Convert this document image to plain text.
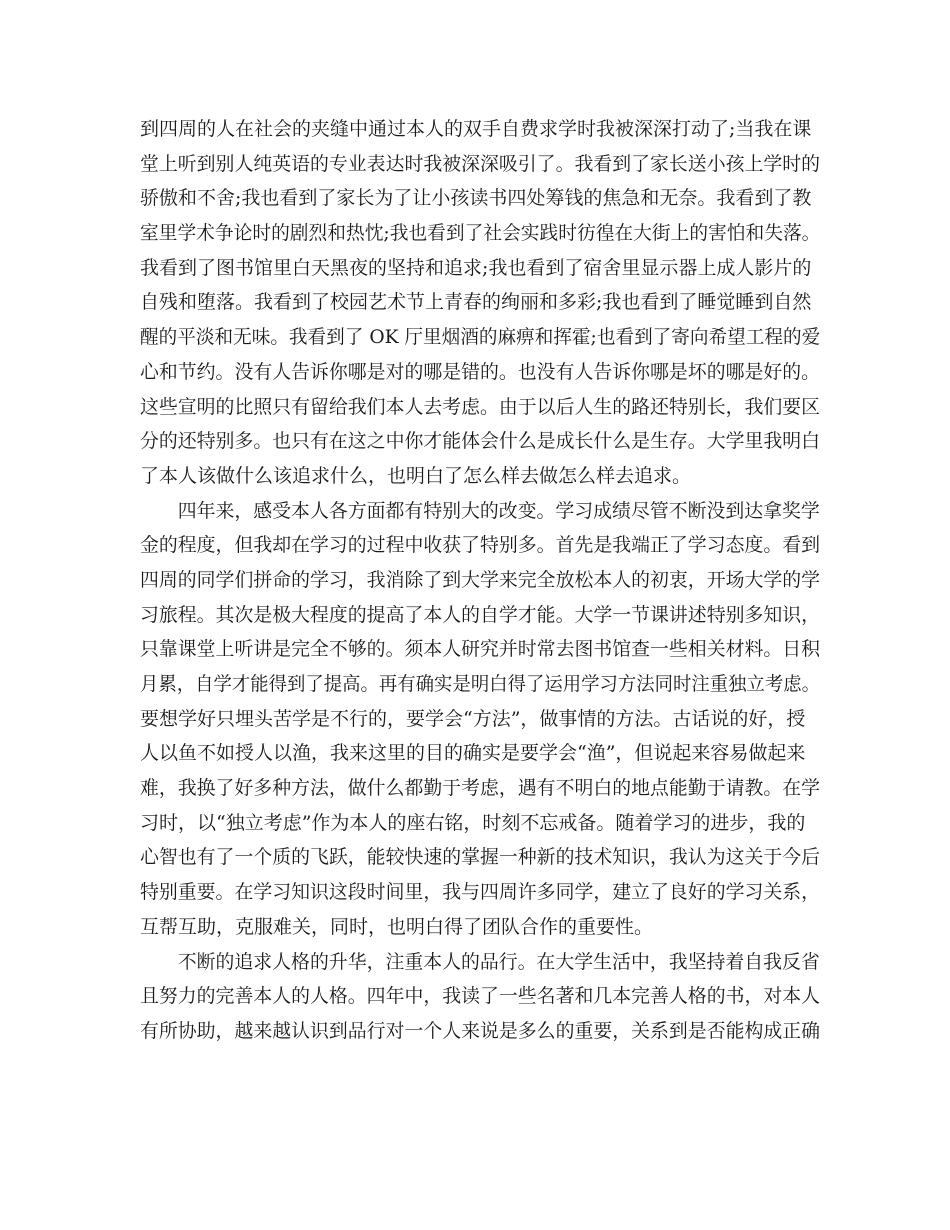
到四周的人在社会的夹缝中通过本人的双手自费求学时我被深深打动了;当我在课
堂上听到别人纯英语的专业表达时我被深深吸引了。我看到了家长送小孩上学时的
骄傲和不舍;我也看到了家长为了让小孩读书四处筹钱的焦急和无奈。我看到了教
室里学术争论时的剧烈和热忱;我也看到了社会实践时彷徨在大街上的害怕和失落。
我看到了图书馆里白天黑夜的坚持和追求;我也看到了宿舍里显示器上成人影片的
自残和堕落。我看到了校园艺术节上青春的绚丽和多彩;我也看到了睡觉睡到自然
醒的平淡和无味。我看到了 OK 厅里烟酒的麻痹和挥霍;也看到了寄向希望工程的爱
心和节约。没有人告诉你哪是对的哪是错的。也没有人告诉你哪是坏的哪是好的。
这些宣明的比照只有留给我们本人去考虑。由于以后人生的路还特别长，我们要区
分的还特别多。也只有在这之中你才能体会什么是成长什么是生存。大学里我明白
了本人该做什么该追求什么，也明白了怎么样去做怎么样去追求。
四年来，感受本人各方面都有特别大的改变。学习成绩尽管不断没到达拿奖学
金的程度，但我却在学习的过程中收获了特别多。首先是我端正了学习态度。看到
四周的同学们拼命的学习，我消除了到大学来完全放松本人的初衷，开场大学的学
习旅程。其次是极大程度的提高了本人的自学才能。大学一节课讲述特别多知识，
只靠课堂上听讲是完全不够的。须本人研究并时常去图书馆查一些相关材料。日积
月累，自学才能得到了提高。再有确实是明白得了运用学习方法同时注重独立考虑。
要想学好只埋头苦学是不行的，要学会“方法”，做事情的方法。古话说的好，授
人以鱼不如授人以渔，我来这里的目的确实是要学会“渔”，但说起来容易做起来
难，我换了好多种方法，做什么都勤于考虑，遇有不明白的地点能勤于请教。在学
习时，以“独立考虑”作为本人的座右铭，时刻不忘戒备。随着学习的进步，我的
心智也有了一个质的飞跃，能较快速的掌握一种新的技术知识，我认为这关于今后
特别重要。在学习知识这段时间里，我与四周许多同学，建立了良好的学习关系，
互帮互助，克服难关，同时，也明白得了团队合作的重要性。
不断的追求人格的升华，注重本人的品行。在大学生活中，我坚持着自我反省
且努力的完善本人的人格。四年中，我读了一些名著和几本完善人格的书，对本人
有所协助，越来越认识到品行对一个人来说是多么的重要，关系到是否能构成正确
